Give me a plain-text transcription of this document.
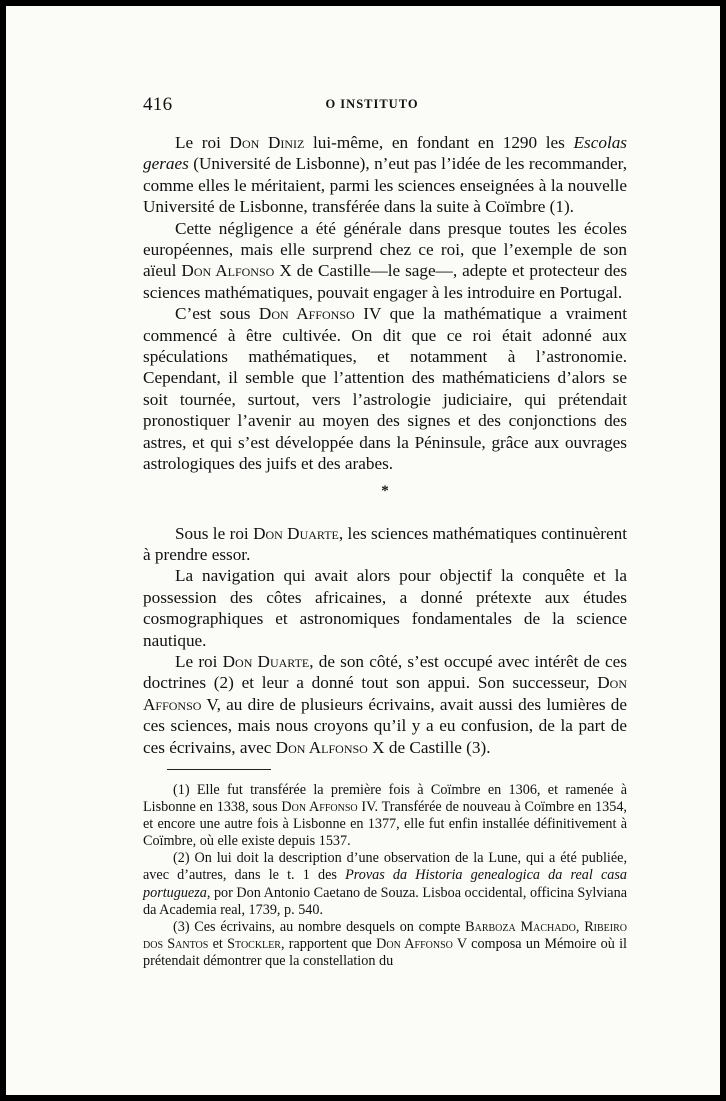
416	O INSTITUTO

Le roi Don Diniz lui-même, en fondant en 1290 les Escolas geraes (Université de Lisbonne), n’eut pas l’idée de les recommander, comme elles le méritaient, parmi les sciences enseignées à la nouvelle Université de Lisbonne, transférée dans la suite à Coïmbre (1).

Cette négligence a été générale dans presque toutes les écoles européennes, mais elle surprend chez ce roi, que l’exemple de son aïeul Don Alfonso X de Castille—le sage—, adepte et protecteur des sciences mathématiques, pouvait engager à les introduire en Portugal.

C’est sous Don Affonso IV que la mathématique a vraiment commencé à être cultivée. On dit que ce roi était adonné aux spéculations mathématiques, et notamment à l’astronomie. Cependant, il semble que l’attention des mathématiciens d’alors se soit tournée, surtout, vers l’astrologie judiciaire, qui prétendait pronostiquer l’avenir au moyen des signes et des conjonctions des astres, et qui s’est développée dans la Péninsule, grâce aux ouvrages astrologiques des juifs et des arabes.

*

Sous le roi Don Duarte, les sciences mathématiques continuèrent à prendre essor.

La navigation qui avait alors pour objectif la conquête et la possession des côtes africaines, a donné prétexte aux études cosmographiques et astronomiques fondamentales de la science nautique.

Le roi Don Duarte, de son côté, s’est occupé avec intérêt de ces doctrines (2) et leur a donné tout son appui. Son successeur, Don Affonso V, au dire de plusieurs écrivains, avait aussi des lumières de ces sciences, mais nous croyons qu’il y a eu confusion, de la part de ces écrivains, avec Don Alfonso X de Castille (3).

(1) Elle fut transférée la première fois à Coïmbre en 1306, et ramenée à Lisbonne en 1338, sous Don Affonso IV. Transférée de nouveau à Coïmbre en 1354, et encore une autre fois à Lisbonne en 1377, elle fut enfin installée définitivement à Coïmbre, où elle existe depuis 1537.

(2) On lui doit la description d’une observation de la Lune, qui a été publiée, avec d’autres, dans le t. 1 des Provas da Historia genealogica da real casa portugueza, por Don Antonio Caetano de Souza. Lisboa occidental, officina Sylviana da Academia real, 1739, p. 540.

(3) Ces écrivains, au nombre desquels on compte Barboza Machado, Ribeiro dos Santos et Stockler, rapportent que Don Affonso V composa un Mémoire où il prétendait démontrer que la constellation du
